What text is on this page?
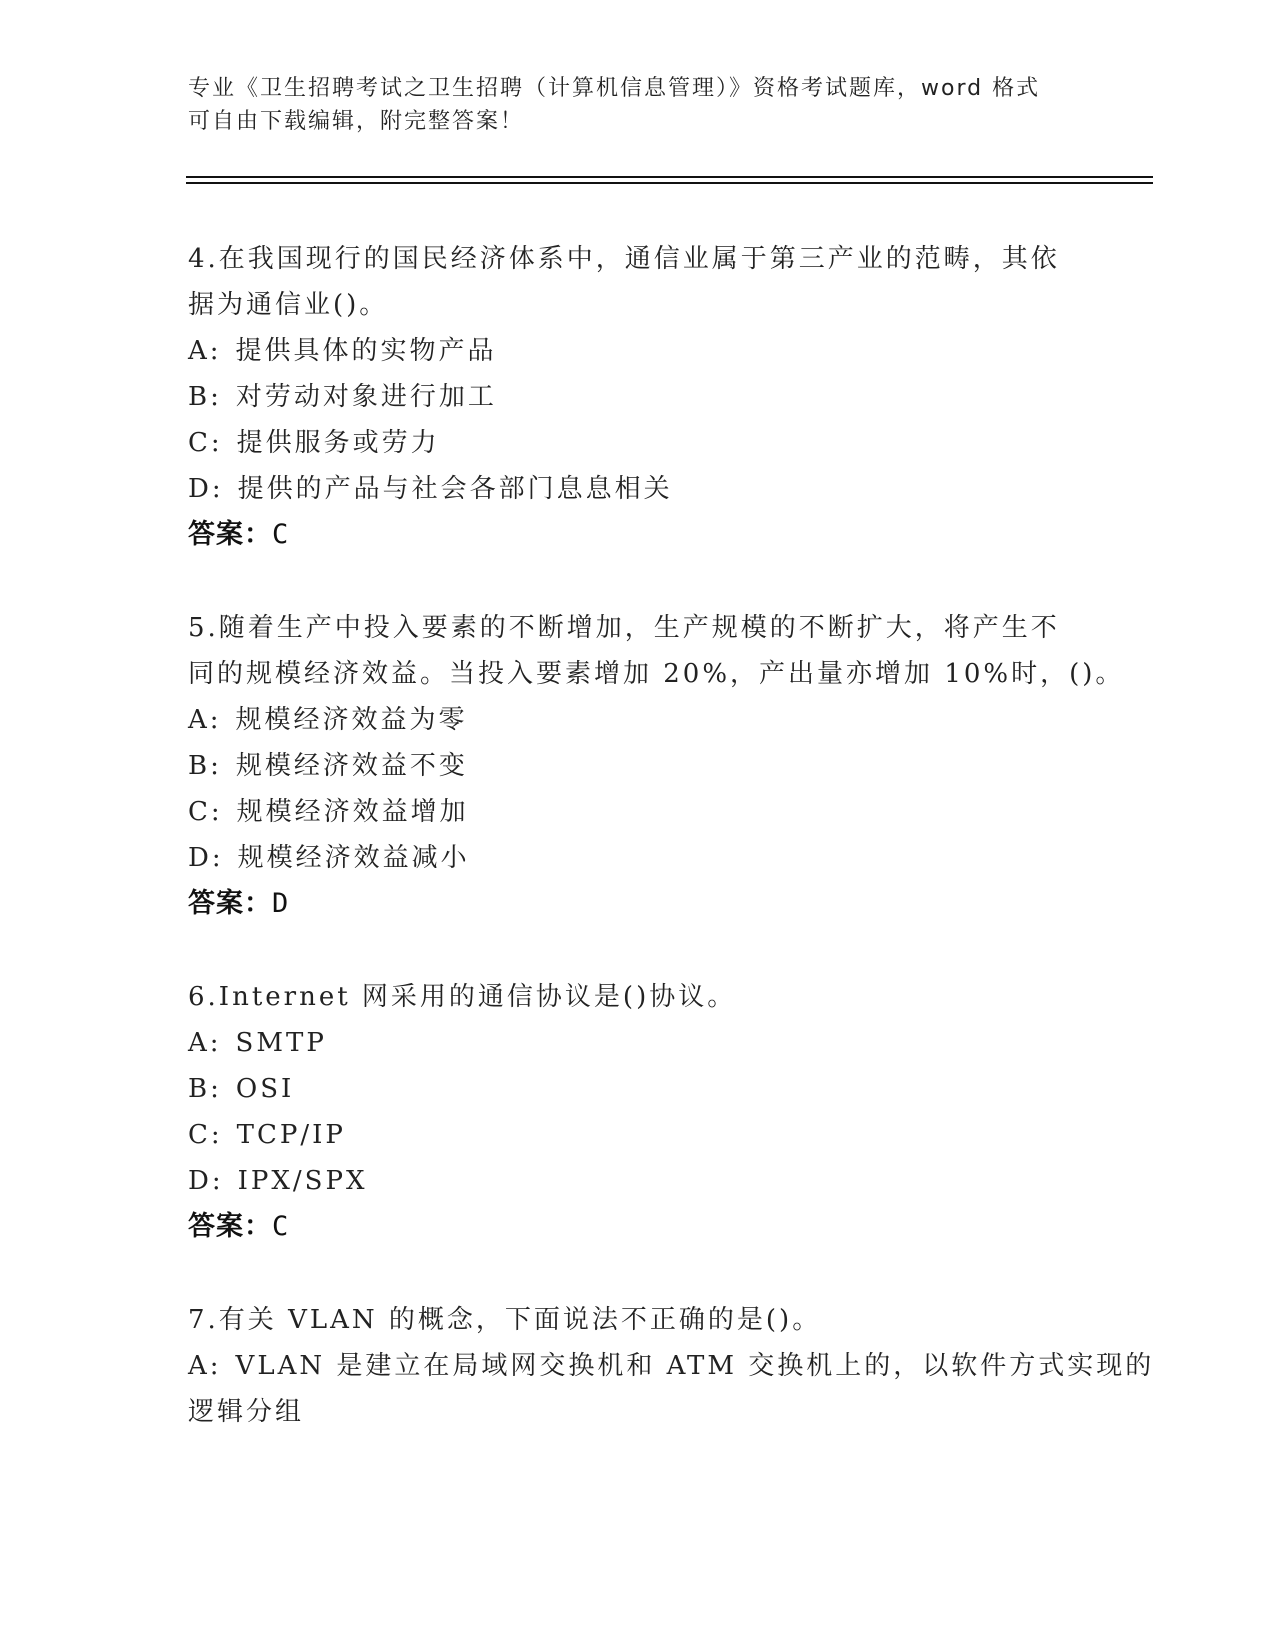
专业《卫生招聘考试之卫生招聘（计算机信息管理）》资格考试题库，word 格式
可自由下载编辑，附完整答案！
4.在我国现行的国民经济体系中，通信业属于第三产业的范畴，其依
据为通信业()。
A: 提供具体的实物产品
B: 对劳动对象进行加工
C: 提供服务或劳力
D: 提供的产品与社会各部门息息相关
答案：C
5.随着生产中投入要素的不断增加，生产规模的不断扩大，将产生不
同的规模经济效益。当投入要素增加 20%，产出量亦增加 10%时，()。
A: 规模经济效益为零
B: 规模经济效益不变
C: 规模经济效益增加
D: 规模经济效益减小
答案：D
6.Internet 网采用的通信协议是()协议。
A: SMTP
B: OSI
C: TCP/IP
D: IPX/SPX
答案：C
7.有关 VLAN 的概念，下面说法不正确的是()。
A: VLAN 是建立在局域网交换机和 ATM 交换机上的，以软件方式实现的
逻辑分组
